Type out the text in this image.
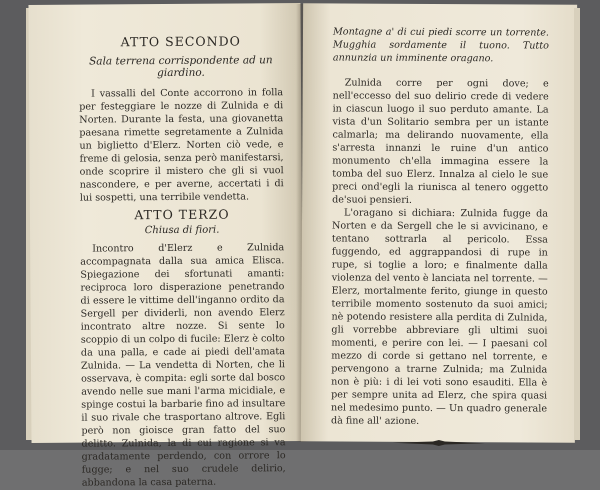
ATTO SECONDO
Sala terrena corrispondente ad un giardino.

I vassalli del Conte accorrono in folla per festeggiare le nozze di Zulnida e di Norten. Durante la festa, una giovanetta paesana rimette segretamente a Zulnida un biglietto d'Elerz. Norten ciò vede, e freme di gelosia, senza però manifestarsi, onde scoprire il mistero che gli si vuol nascondere, e per averne, accertati i di lui sospetti, una terribile vendetta.

ATTO TERZO
Chiusa di fiori.

Incontro d'Elerz e Zulnida accompagnata dalla sua amica Elisca. Spiegazione dei sfortunati amanti: reciproca loro disperazione penetrando di essere le vittime dell'inganno ordito da Sergell per dividerli, non avendo Elerz incontrato altre nozze. Si sente lo scoppio di un colpo di fucile: Elerz è colto da una palla, e cade ai piedi dell'amata Zulnida. — La vendetta di Norten, che li osservava, è compita: egli sorte dal bosco avendo nelle sue mani l'arma micidiale, e spinge costui la barbarie fino ad insultare il suo rivale che trasportano altrove. Egli però non gioisce gran fatto del suo delitto. Zulnida, la di cui ragione si va gradatamente perdendo, con orrore lo fugge; e nel suo crudele delirio, abbandona la casa paterna.

Montagne a' di cui piedi scorre un torrente. Mugghia sordamente il tuono. Tutto annunzia un imminente oragano.

Zulnida corre per ogni dove; e nell'eccesso del suo delirio crede di vedere in ciascun luogo il suo perduto amante. La vista d'un Solitario sembra per un istante calmarla; ma delirando nuovamente, ella s'arresta innanzi le ruine d'un antico monumento ch'ella immagina essere la tomba del suo Elerz. Innalza al cielo le sue preci ond'egli la riunisca al tenero oggetto de'suoi pensieri.

L'oragano si dichiara: Zulnida fugge da Norten e da Sergell che le si avvicinano, e tentano sottrarla al pericolo. Essa fuggendo, ed aggrappandosi di rupe in rupe, si toglie a loro; e finalmente dalla violenza del vento è lanciata nel torrente. — Elerz, mortalmente ferito, giunge in questo terribile momento sostenuto da suoi amici; nè potendo resistere alla perdita di Zulnida, gli vorrebbe abbreviare gli ultimi suoi momenti, e perire con lei. — I paesani col mezzo di corde si gettano nel torrente, e pervengono a trarne Zulnida; ma Zulnida non è più: i di lei voti sono esauditi. Ella è per sempre unita ad Elerz, che spira quasi nel medesimo punto. — Un quadro generale dà fine all' azione.
